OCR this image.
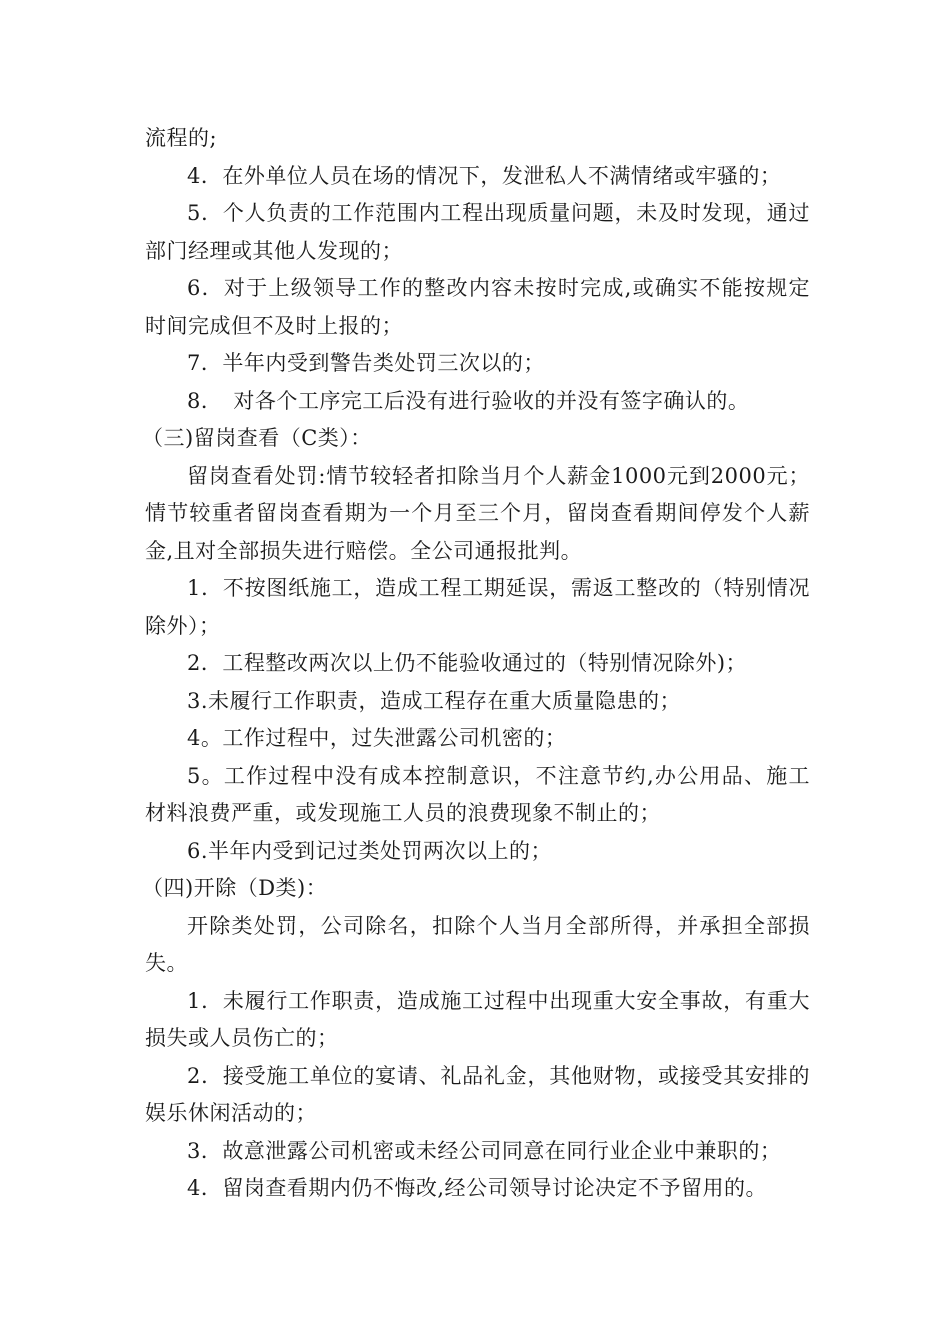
流程的;

4．在外单位人员在场的情况下，发泄私人不满情绪或牢骚的；

5．个人负责的工作范围内工程出现质量问题，未及时发现，通过部门经理或其他人发现的；

6．对于上级领导工作的整改内容未按时完成,或确实不能按规定时间完成但不及时上报的；

7．半年内受到警告类处罚三次以的；

8．　对各个工序完工后没有进行验收的并没有签字确认的。

（三)留岗查看（C类）：

留岗查看处罚:情节较轻者扣除当月个人薪金1000元到2000元；情节较重者留岗查看期为一个月至三个月，留岗查看期间停发个人薪金,且对全部损失进行赔偿。全公司通报批判。

1．不按图纸施工，造成工程工期延误，需返工整改的（特别情况除外）；

2．工程整改两次以上仍不能验收通过的（特别情况除外)；

3.未履行工作职责，造成工程存在重大质量隐患的；

4。工作过程中，过失泄露公司机密的；

5。工作过程中没有成本控制意识，不注意节约,办公用品、施工材料浪费严重，或发现施工人员的浪费现象不制止的；

6.半年内受到记过类处罚两次以上的；

（四)开除（D类)：

开除类处罚，公司除名，扣除个人当月全部所得，并承担全部损失。

1．未履行工作职责，造成施工过程中出现重大安全事故，有重大损失或人员伤亡的；

2．接受施工单位的宴请、礼品礼金，其他财物，或接受其安排的娱乐休闲活动的；

3．故意泄露公司机密或未经公司同意在同行业企业中兼职的；

4．留岗查看期内仍不悔改,经公司领导讨论决定不予留用的。
